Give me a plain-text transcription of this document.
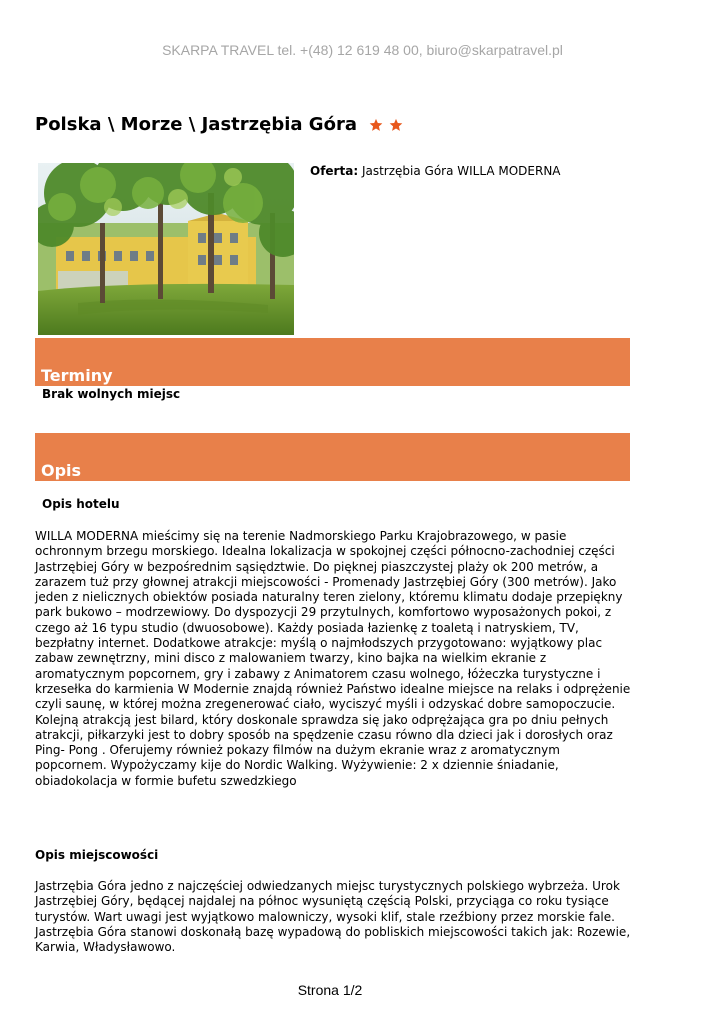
SKARPA TRAVEL tel. +(48) 12 619 48 00, biuro@skarpatravel.pl
Polska \ Morze \ Jastrzębia Góra
Oferta: Jastrzębia Góra WILLA MODERNA
Terminy
Brak wolnych miejsc
Opis
Opis hotelu
WILLA MODERNA mieścimy się na terenie Nadmorskiego Parku Krajobrazowego, w pasie ochronnym brzegu morskiego. Idealna lokalizacja w spokojnej części północno-zachodniej części Jastrzębiej Góry w bezpośrednim sąsiędztwie. Do pięknej piaszczystej plaży ok 200 metrów, a zarazem tuż przy głownej atrakcji miejscowości - Promenady Jastrzębiej Góry (300 metrów). Jako jeden z nielicznych obiektów posiada naturalny teren zielony, któremu klimatu dodaje przepiękny park bukowo – modrzewiowy. Do dyspozycji 29 przytulnych, komfortowo wyposażonych pokoi, z czego aż 16 typu studio (dwuosobowe). Każdy posiada łazienkę z toaletą i natryskiem, TV, bezpłatny internet. Dodatkowe atrakcje: myślą o najmłodszych przygotowano: wyjątkowy plac zabaw zewnętrzny, mini disco z malowaniem twarzy, kino bajka na wielkim ekranie z aromatycznym popcornem, gry i zabawy z Animatorem czasu wolnego, łóżeczka turystyczne i krzesełka do karmienia W Modernie znajdą również Państwo idealne miejsce na relaks i odprężenie czyli saunę, w której można zregenerować ciało, wyciszyć myśli i odzyskać dobre samopoczucie. Kolejną atrakcją jest bilard, który doskonale sprawdza się jako odprężająca gra po dniu pełnych atrakcji, piłkarzyki jest to dobry sposób na spędzenie czasu równo dla dzieci jak i dorosłych oraz Ping- Pong . Oferujemy również pokazy filmów na dużym ekranie wraz z aromatycznym popcornem. Wypożyczamy kije do Nordic Walking. Wyżywienie: 2 x dziennie śniadanie, obiadokolacja w formie bufetu szwedzkiego
Opis miejscowości
Jastrzębia Góra jedno z najczęściej odwiedzanych miejsc turystycznych polskiego wybrzeża. Urok Jastrzębiej Góry, będącej najdalej na północ wysuniętą częścią Polski, przyciąga co roku tysiące turystów. Wart uwagi jest wyjątkowo malowniczy, wysoki klif, stale rzeźbiony przez morskie fale. Jastrzębia Góra stanowi doskonałą bazę wypadową do pobliskich miejscowości takich jak: Rozewie, Karwia, Władysławowo.
Strona 1/2
